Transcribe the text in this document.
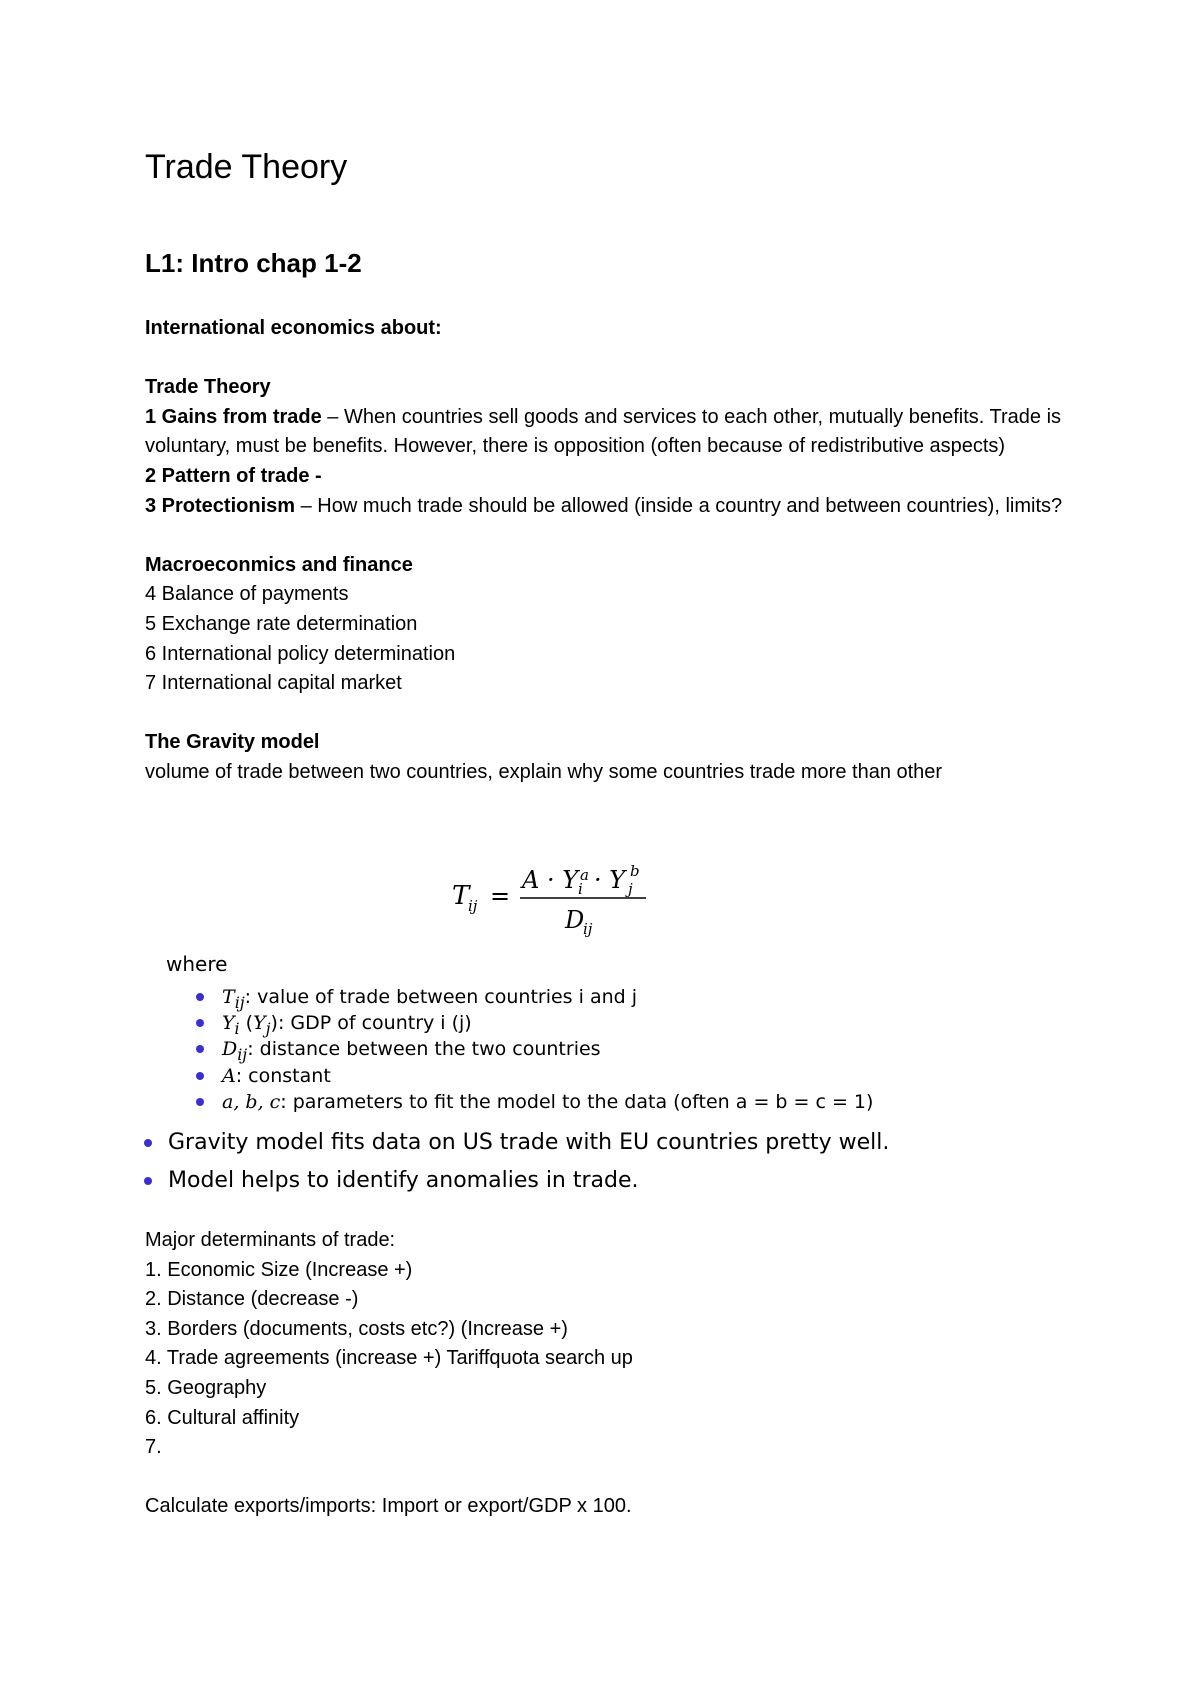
Trade Theory
L1: Intro chap 1-2

International economics about:

Trade Theory

1 Gains from trade – When countries sell goods and services to each other, mutually benefits. Trade is voluntary, must be benefits. However, there is opposition (often because of redistributive aspects)

2 Pattern of trade -

3 Protectionism – How much trade should be allowed (inside a country and between countries), limits?

Macroeconmics and finance

4 Balance of payments

5 Exchange rate determination

6 International policy determination

7 International capital market

The Gravity model

volume of trade between two countries, explain why some countries trade more than other

Major determinants of trade:

1. Economic Size (Increase +)

2. Distance (decrease -)

3. Borders (documents, costs etc?) (Increase +)

4. Trade agreements (increase +) Tariffquota search up

5. Geography

6. Cultural affinity

7.

Calculate exports/imports: Import or export/GDP x 100.

T
ij =
A · Y a
i · Y b
j
D
ij
where
$T_{ij}$: value of trade between countries i and j
$Y_i$ $(Y_j)$: GDP of country i (j)
$D_{ij}$: distance between the two countries
A: constant
a, b, c: parameters to fit the model to the data (often a = b = c = 1)
Gravity model fits data on US trade with EU countries pretty well.
Model helps to identify anomalies in trade.
